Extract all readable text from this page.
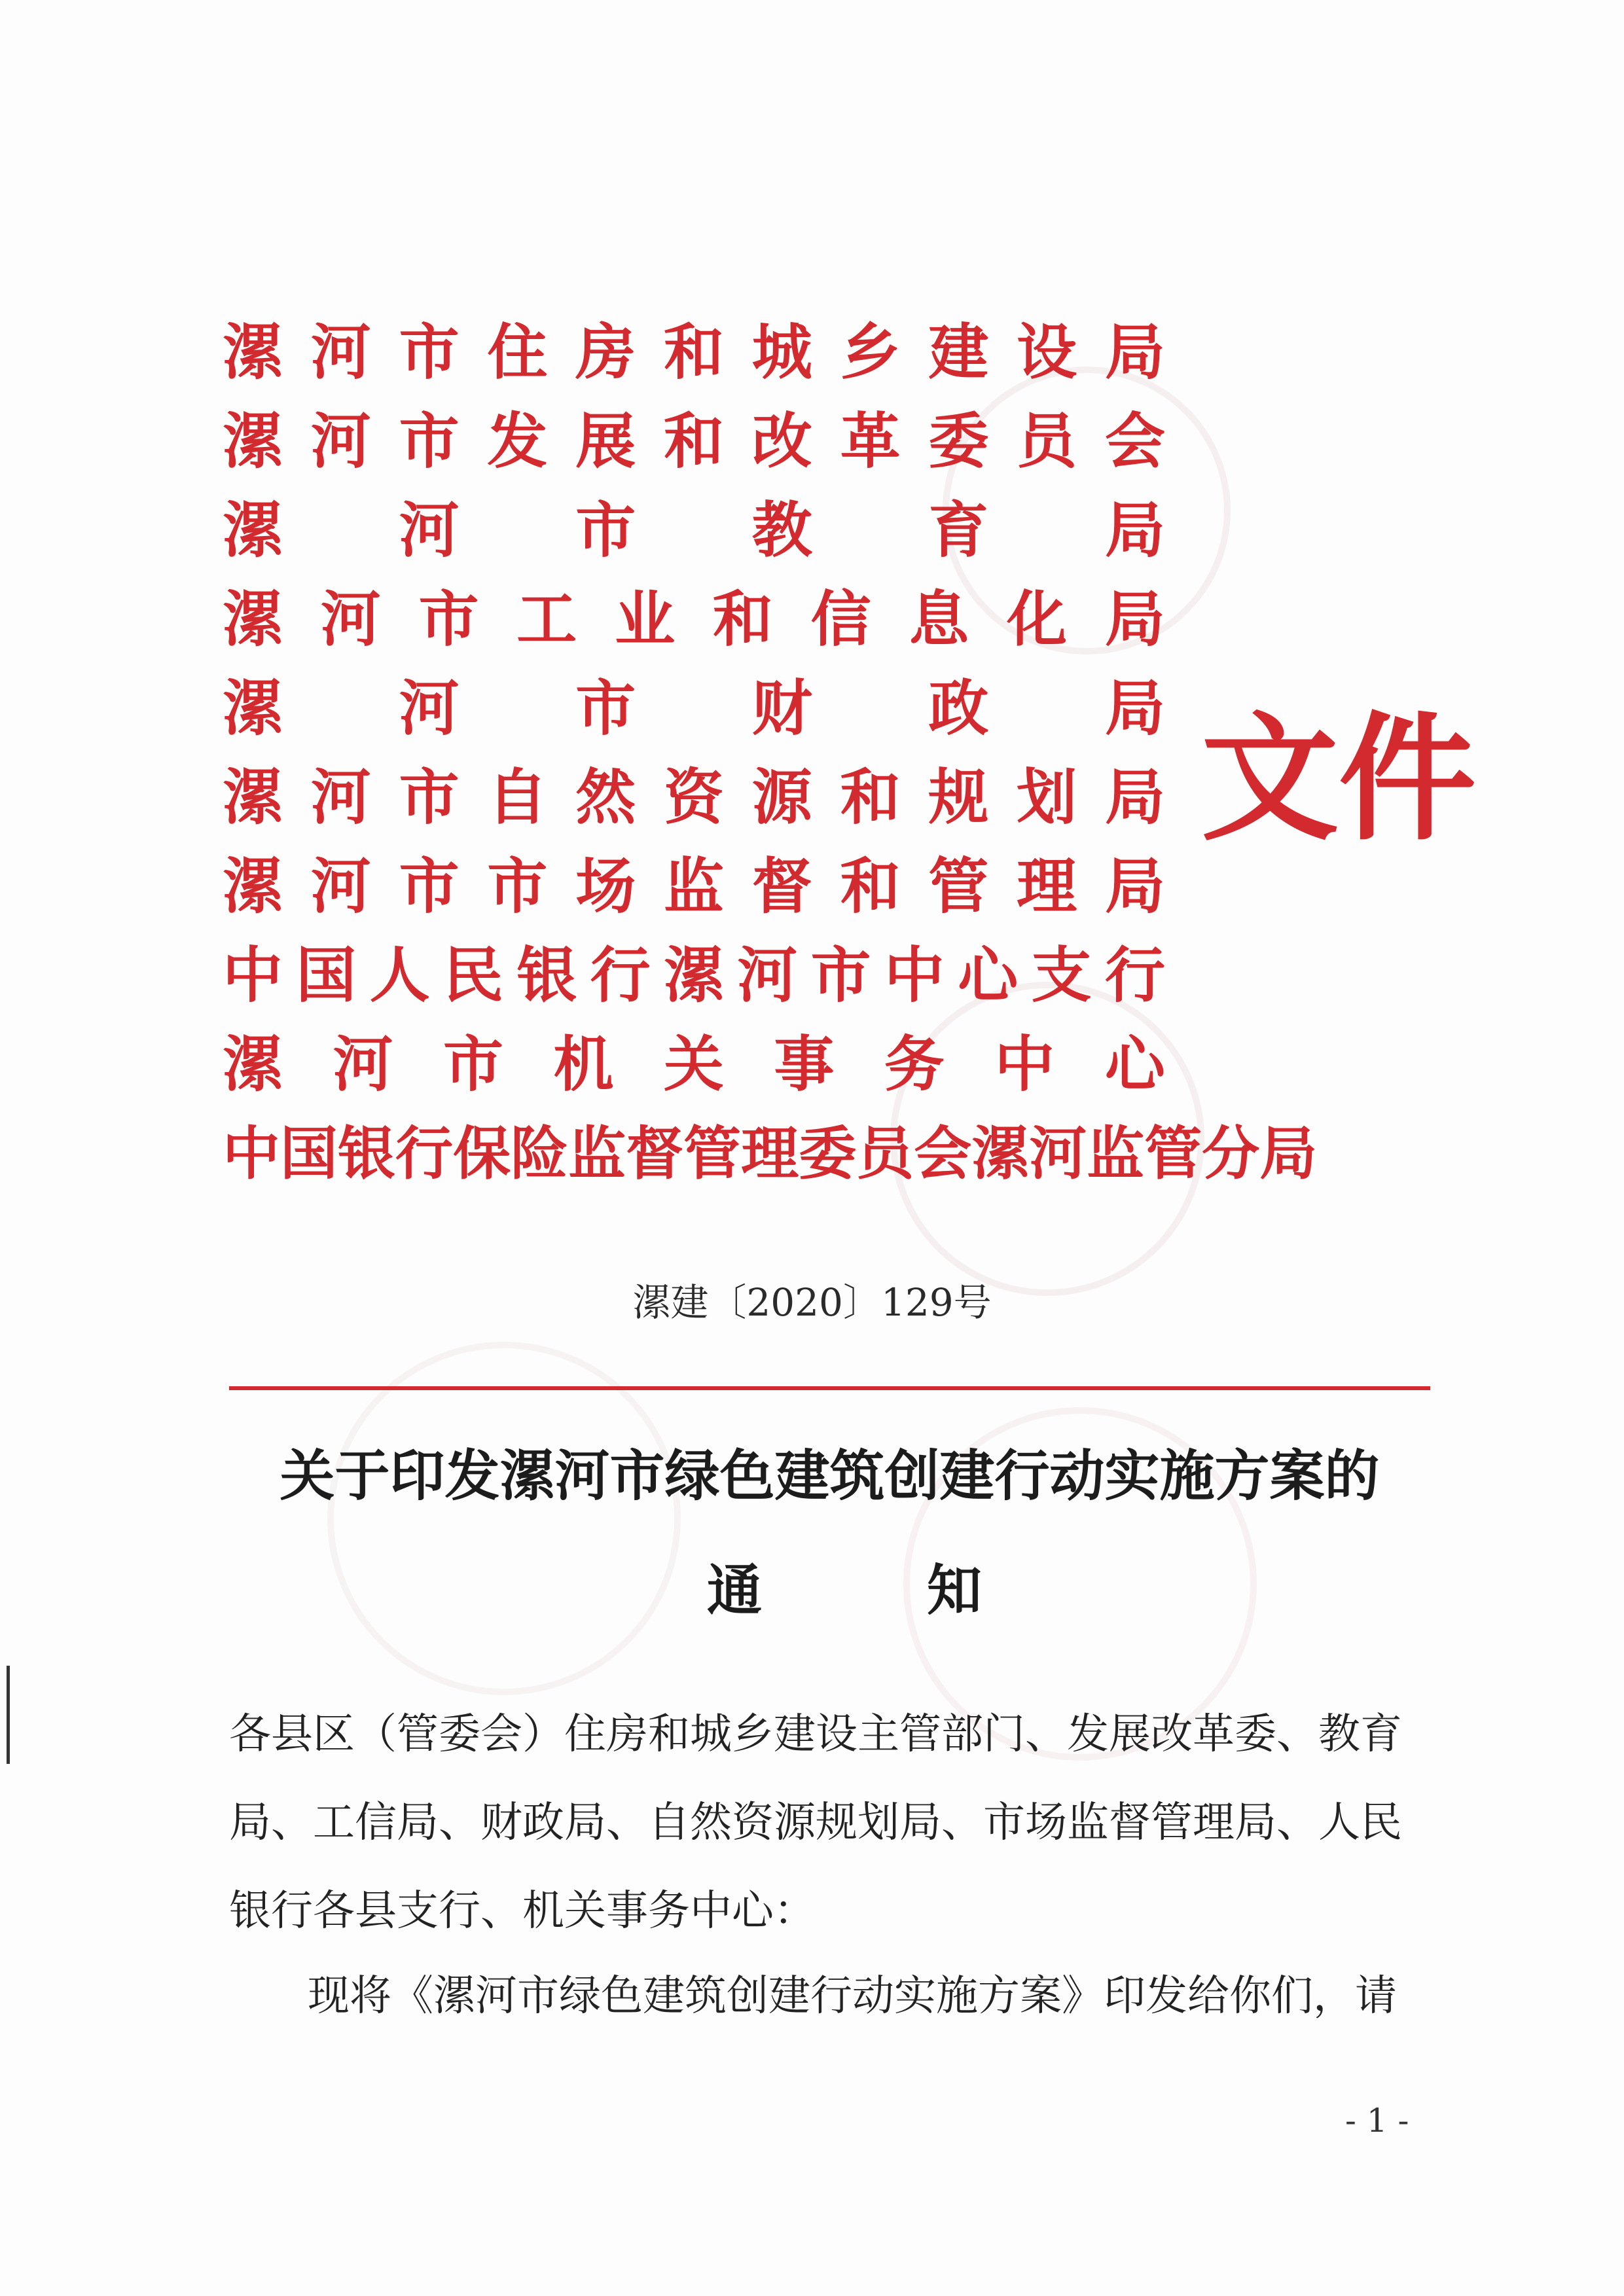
漯 河 市 住 房 和 城 乡 建 设 局
漯 河 市 发 展 和 改 革 委 员 会
漯 河 市 教 育 局
漯 河 市 工 业 和 信 息 化 局
漯 河 市 财 政 局
漯 河 市 自 然 资 源 和 规 划 局
漯 河 市 市 场 监 督 和 管 理 局
中 国 人 民 银 行 漯 河 市 中 心 支 行
漯 河 市 机 关 事 务 中 心
中 国 银 行 保 险 监 督 管 理 委 员 会 漯 河 监 管 分 局
文件
漯建〔2020〕129号
关于印发漯河市绿色建筑创建行动实施方案的
通	知
各县区（管委会）住房和城乡建设主管部门、发展改革委、教育
局、工信局、财政局、自然资源规划局、市场监督管理局、人民
银行各县支行、机关事务中心：
现将《漯河市绿色建筑创建行动实施方案》印发给你们，请
- 1 -
